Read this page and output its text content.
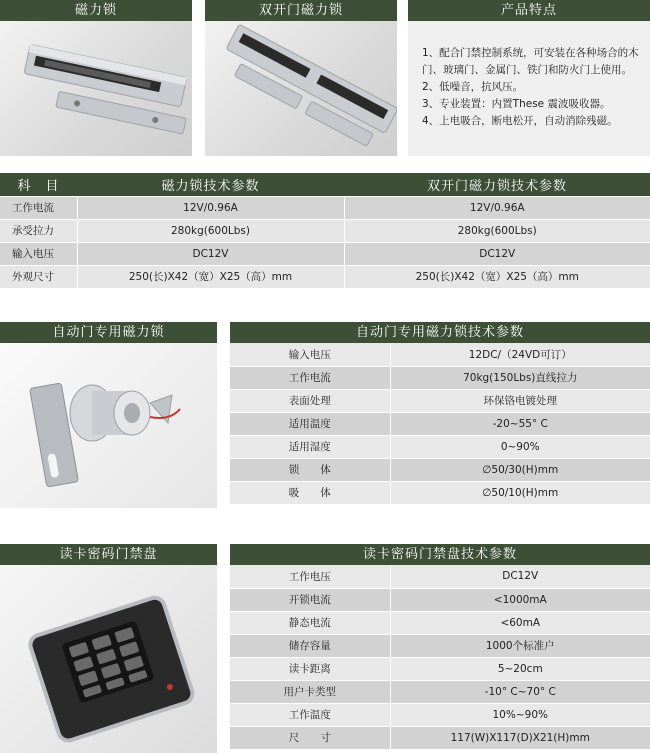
磁力锁	双开门磁力锁	产品特点

1、配合门禁控制系统，可安装在各种场合的木门、玻璃门、金属门、铁门和防火门上使用。

2、低噪音，抗风压。

3、专业装置：内置These 震波吸收器。

4、上电吸合，断电松开，自动消除残磁。

科　目	磁力锁技术参数	双开门磁力锁技术参数
工作电流	12V/0.96A	12V/0.96A
承受拉力	280kg(600Lbs)	280kg(600Lbs)
输入电压	DC12V	DC12V
外观尺寸	250(长)X42（宽）X25（高）mm	250(长)X42（宽）X25（高）mm
自动门专用磁力锁	自动门专用磁力锁技术参数
输入电压	12DC/（24VD可订）
工作电流	70kg(150Lbs)直线拉力
表面处理	环保铬电镀处理
适用温度	-20~55° C
适用湿度	0~90%
锁　　体	∅50/30(H)mm
吸　　体	∅50/10(H)mm
读卡密码门禁盘	读卡密码门禁盘技术参数
工作电压	DC12V
开锁电流	<1000mA
静态电流	<60mA
储存容量	1000个标准户
读卡距离	5~20cm
用户卡类型	-10° C~70° C
工作温度	10%~90%
尺　　寸	117(W)X117(D)X21(H)mm
